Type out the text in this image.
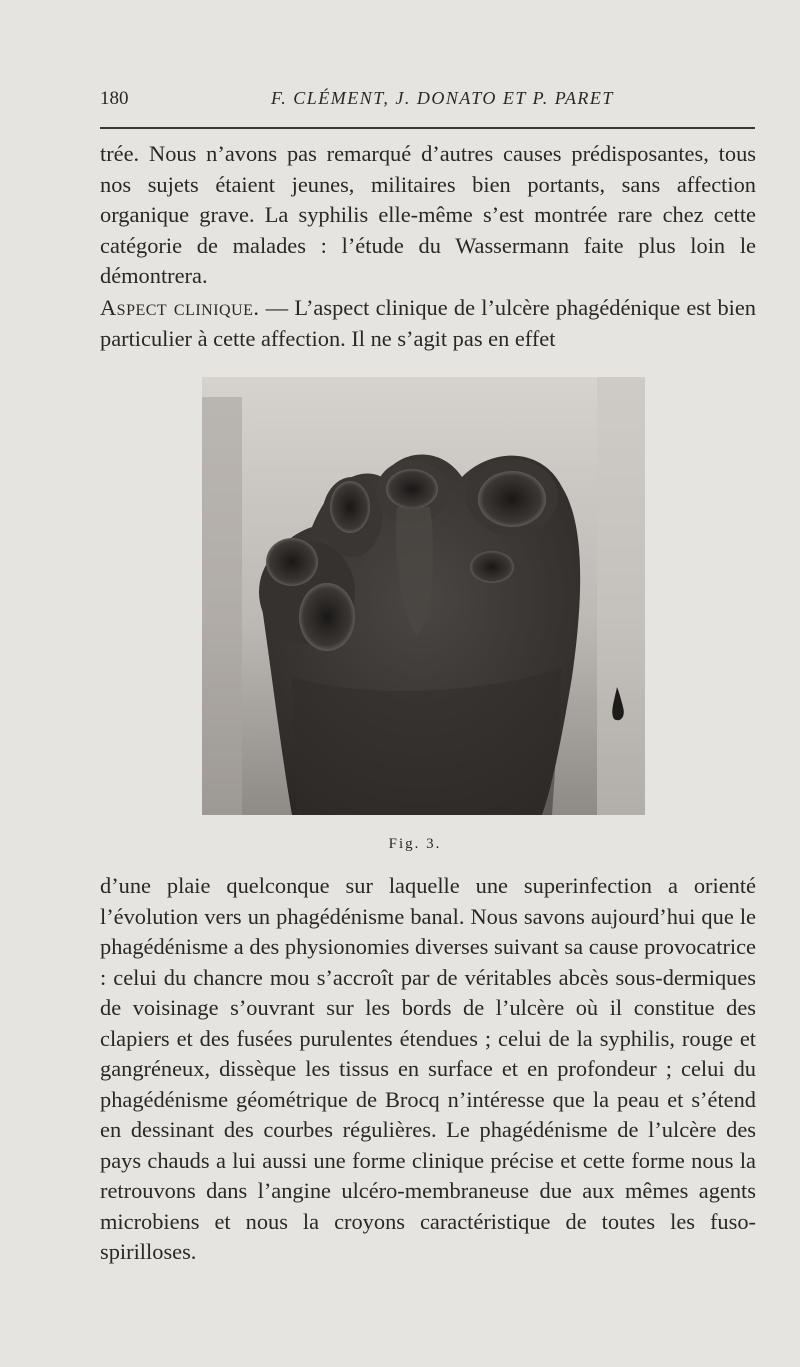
180	F. CLÉMENT, J. DONATO ET P. PARET

trée. Nous n’avons pas remarqué d’autres causes prédisposantes, tous nos sujets étaient jeunes, militaires bien portants, sans affection organique grave. La syphilis elle-même s’est montrée rare chez cette catégorie de malades : l’étude du Wassermann faite plus loin le démontrera.

Aspect clinique. — L’aspect clinique de l’ulcère phagédénique est bien particulier à cette affection. Il ne s’agit pas en effet

Fig. 3.

d’une plaie quelconque sur laquelle une superinfection a orienté l’évolution vers un phagédénisme banal. Nous savons aujourd’hui que le phagédénisme a des physionomies diverses suivant sa cause provocatrice : celui du chancre mou s’accroît par de véritables abcès sous-dermiques de voisinage s’ouvrant sur les bords de l’ulcère où il constitue des clapiers et des fusées purulentes étendues ; celui de la syphilis, rouge et gangréneux, dissèque les tissus en surface et en profondeur ; celui du phagédénisme géométrique de Brocq n’intéresse que la peau et s’étend en dessinant des courbes régulières. Le phagédénisme de l’ulcère des pays chauds a lui aussi une forme clinique précise et cette forme nous la retrouvons dans l’angine ulcéro-membraneuse due aux mêmes agents microbiens et nous la croyons caractéristique de toutes les fuso-spirilloses.
